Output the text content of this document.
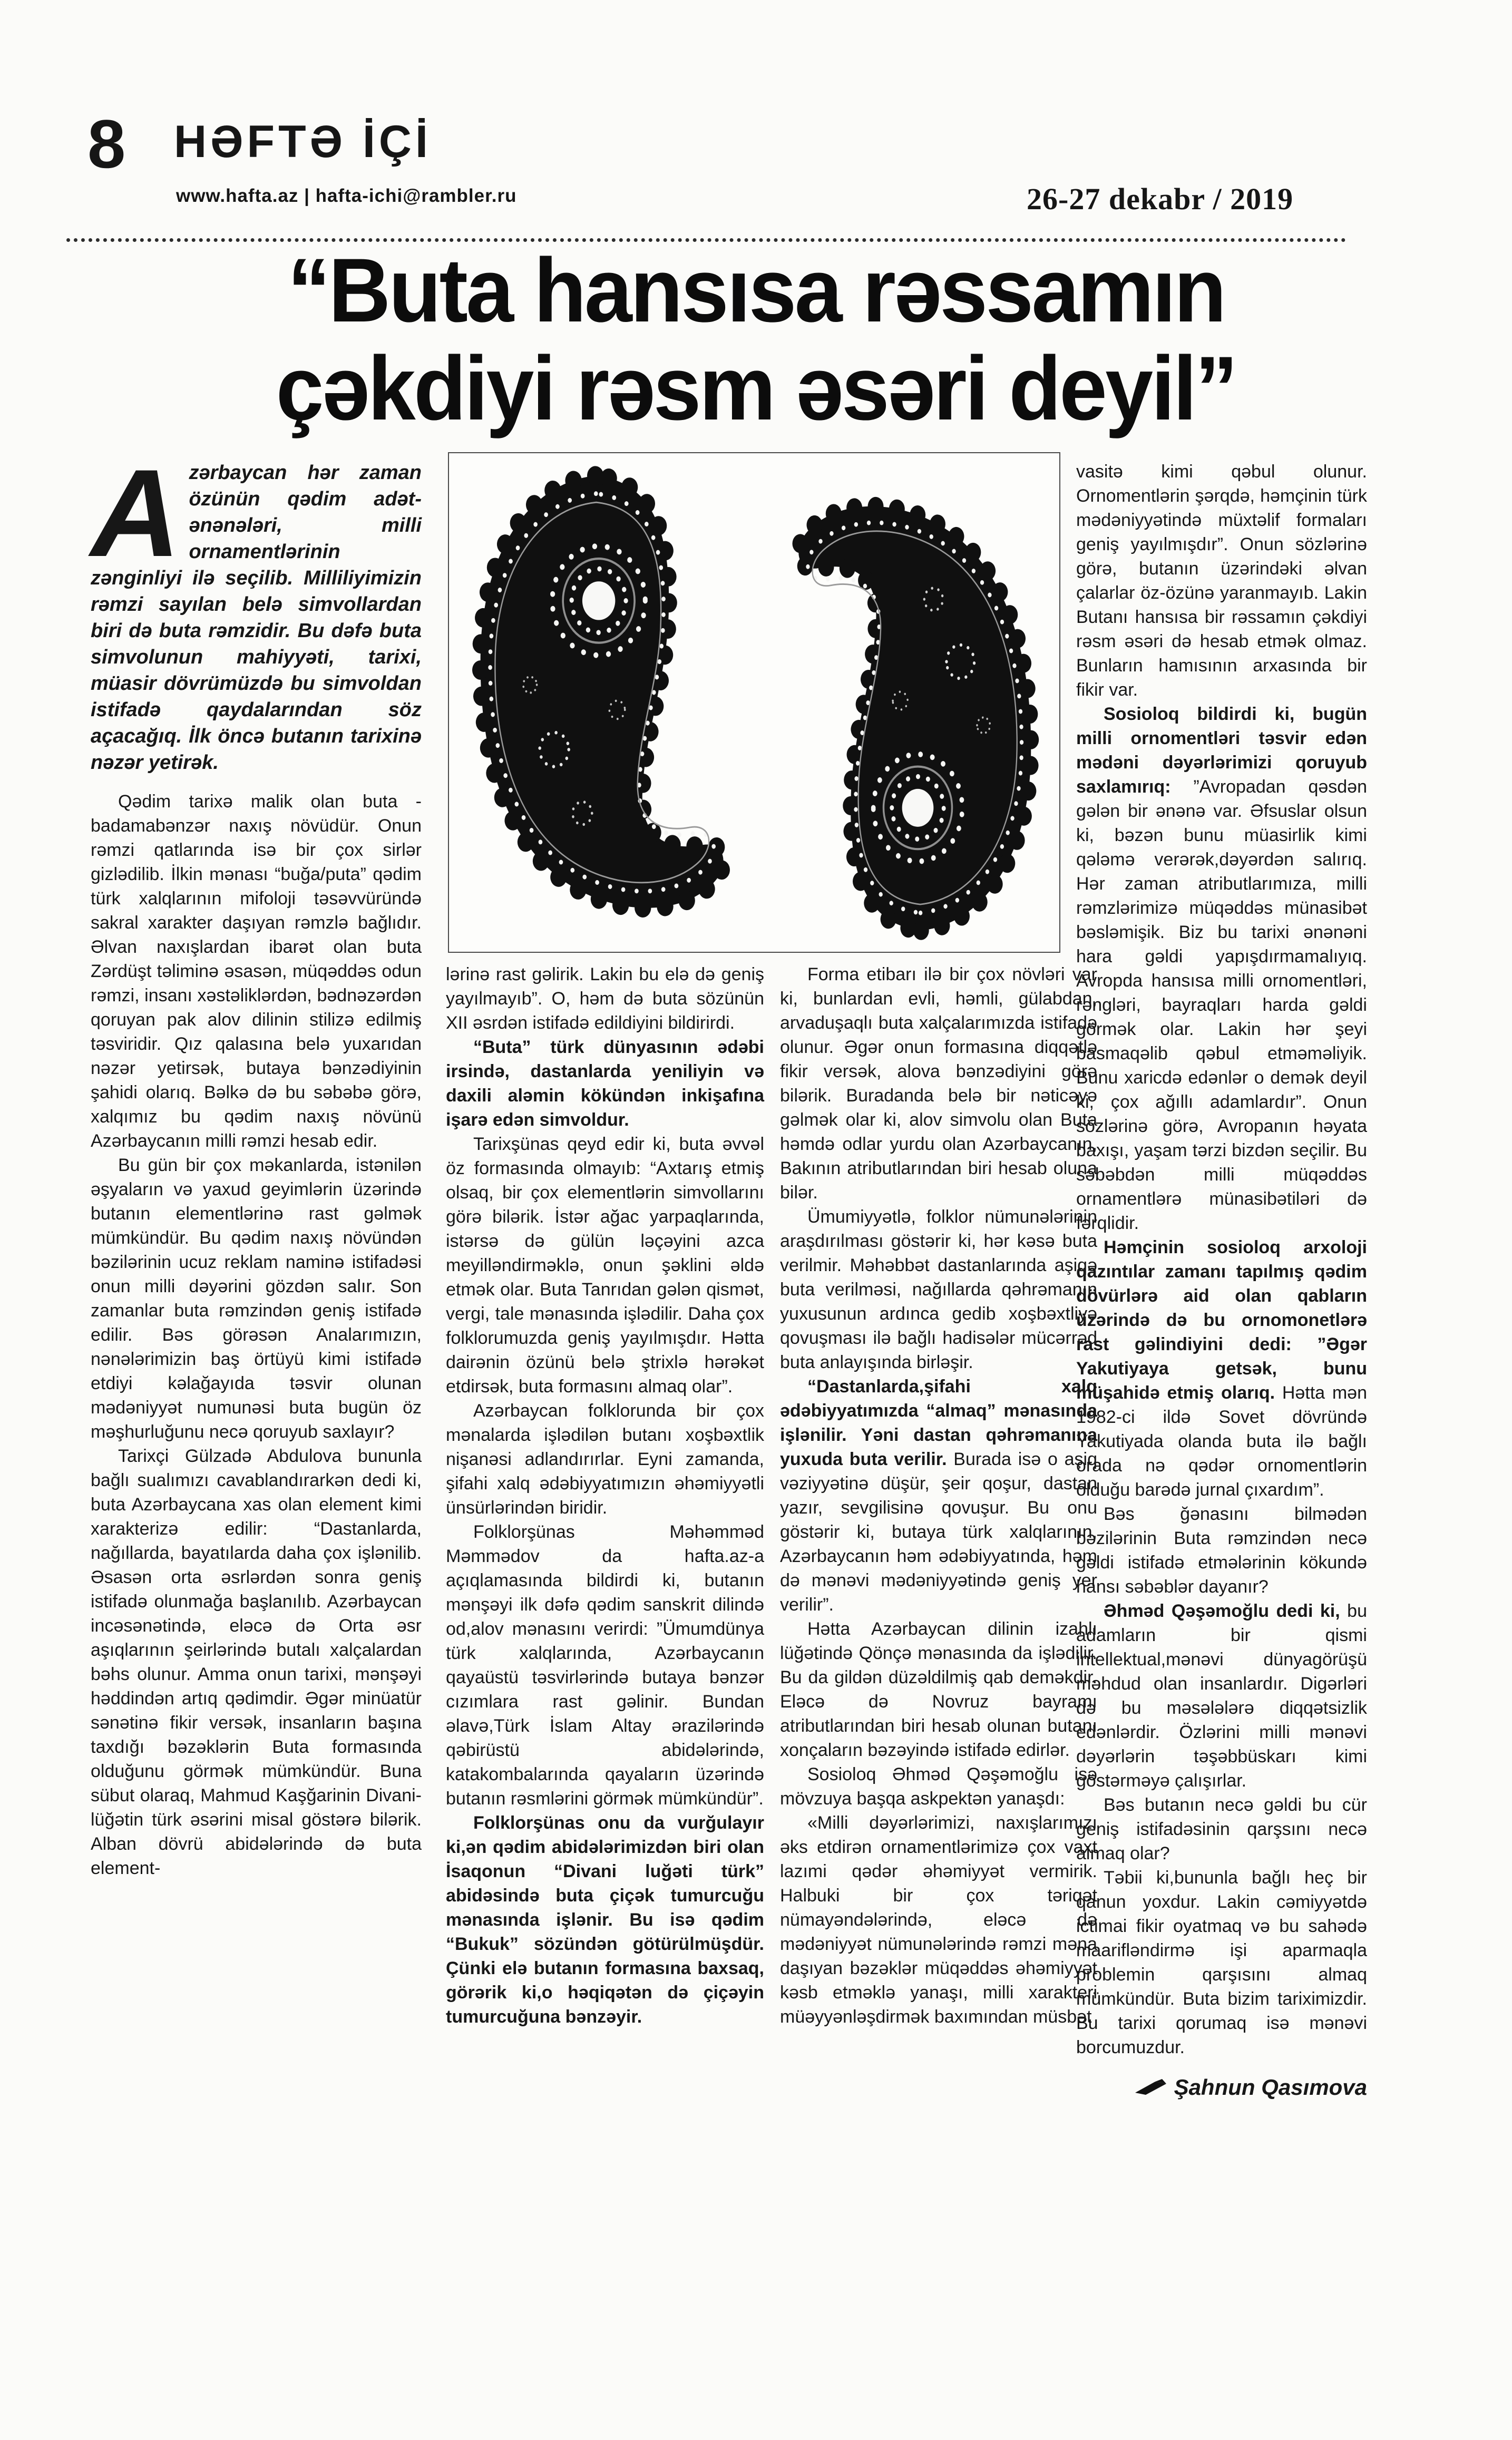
8 HƏFTƏ İÇİ
www.hafta.az | hafta-ichi@rambler.ru	26-27 dekabr / 2019
“Buta hansısa rəssamın
çəkdiyi rəsm əsəri deyil”
Azərbaycan hər zaman özünün qədim adət-ənənələri, milli ornamentlərinin zənginliyi ilə seçilib. Milliliyimizin rəmzi sayılan belə simvollardan biri də buta rəmzidir. Bu dəfə buta simvolunun mahiyyəti, tarixi, müasir dövrümüzdə bu simvoldan istifadə qaydalarından söz açacağıq. İlk öncə butanın tarixinə nəzər yetirək.

Qədim tarixə malik olan buta - badamabənzər naxış növüdür. Onun rəmzi qatlarında isə bir çox sirlər gizlədilib. İlkin mənası “buğa/puta” qədim türk xalqlarının mifoloji təsəvvüründə sakral xarakter daşıyan rəmzlə bağlıdır. Əlvan naxışlardan ibarət olan buta Zərdüşt təliminə əsasən, müqəddəs odun rəmzi, insanı xəstəliklərdən, bədnəzərdən qoruyan pak alov dilinin stilizə edilmiş təsviridir. Qız qalasına belə yuxarıdan nəzər yetirsək, butaya bənzədiyinin şahidi olarıq. Bəlkə də bu səbəbə görə, xalqımız bu qədim naxış növünü Azərbaycanın milli rəmzi hesab edir.

Bu gün bir çox məkanlarda, istənilən əşyaların və yaxud geyimlərin üzərində butanın elementlərinə rast gəlmək mümkündür. Bu qədim naxış növündən bəzilərinin ucuz reklam naminə istifadəsi onun milli dəyərini gözdən salır. Son zamanlar buta rəmzindən geniş istifadə edilir. Bəs görəsən Analarımızın, nənələrimizin baş örtüyü kimi istifadə etdiyi kəlağayıda təsvir olunan mədəniyyət numunəsi buta bugün öz məşhurluğunu necə qoruyub saxlayır?

Tarixçi Gülzadə Abdulova bununla bağlı sualımızı cavablandırarkən dedi ki, buta Azərbaycana xas olan element kimi xarakterizə edilir: “Dastanlarda, nağıllarda, bayatılarda daha çox işlənilib. Əsasən orta əsrlərdən sonra geniş istifadə olunmağa başlanılıb. Azərbaycan incəsənətində, eləcə də Orta əsr aşıqlarının şeirlərində butalı xalçalardan bəhs olunur. Amma onun tarixi, mənşəyi həddindən artıq qədimdir. Əgər minüatür sənətinə fikir versək, insanların başına taxdığı bəzəklərin Buta formasında olduğunu görmək mümkündür. Buna sübut olaraq, Mahmud Kaşğarinin Divani-lüğətin türk əsərini misal göstərə bilərik. Alban dövrü abidələrində də buta element-

lərinə rast gəlirik. Lakin bu elə də geniş yayılmayıb”. O, həm də buta sözünün XII əsrdən istifadə edildiyini bildirirdi.

“Buta” türk dünyasının ədəbi irsində, dastanlarda yeniliyin və daxili aləmin kökündən inkişafına işarə edən simvoldur.

Tarixşünas qeyd edir ki, buta əvvəl öz formasında olmayıb: “Axtarış etmiş olsaq, bir çox elementlərin simvollarını görə bilərik. İstər ağac yarpaqlarında, istərsə də gülün ləçəyini azca meyilləndirməklə, onun şəklini əldə etmək olar. Buta Tanrıdan gələn qismət, vergi, tale mənasında işlədilir. Daha çox folklorumuzda geniş yayılmışdır. Hətta dairənin özünü belə ştrixlə hərəkət etdirsək, buta formasını almaq olar”.

Azərbaycan folklorunda bir çox mənalarda işlədilən butanı xoşbəxtlik nişanəsi adlandırırlar. Eyni zamanda, şifahi xalq ədəbiyyatımızın əhəmiyyətli ünsürlərindən biridir.

Folklorşünas Məhəmməd Məmmədov da hafta.az-a açıqlamasında bildirdi ki, butanın mənşəyi ilk dəfə qədim sanskrit dilində od,alov mənasını verirdi: ”Ümumdünya türk xalqlarında, Azərbaycanın qayaüstü təsvirlərində butaya bənzər cızımlara rast gəlinir. Bundan əlavə,Türk İslam Altay ərazilərində qəbirüstü abidələrində, katakombalarında qayaların üzərində butanın rəsmlərini görmək mümkündür”.

Folklorşünas onu da vurğulayır ki,ən qədim abidələrimizdən biri olan İsaqonun “Divani luğəti türk” abidəsində buta çiçək tumurcuğu mənasında işlənir. Bu isə qədim “Bukuk” sözündən götürülmüşdür. Çünki elə butanın formasına baxsaq, görərik ki,o həqiqətən də çiçəyin tumurcuğuna bənzəyir.

Forma etibarı ilə bir çox növləri var ki, bunlardan evli, həmli, gülabdan, arvaduşaqlı buta xalçalarımızda istifadə olunur. Əgər onun formasına diqqətlə fikir versək, alova bənzədiyini görə bilərik. Buradanda belə bir nəticəyə gəlmək olar ki, alov simvolu olan Buta həmdə odlar yurdu olan Azərbaycanın, Bakının atributlarından biri hesab oluna bilər.

Ümumiyyətlə, folklor nümunələrinin araşdırılması göstərir ki, hər kəsə buta verilmir. Məhəbbət dastanlarında aşiqə buta verilməsi, nağıllarda qəhrəmanın yuxusunun ardınca gedib xoşbəxtliyə qovuşması ilə bağlı hadisələr mücərrəd buta anlayışında birləşir.

“Dastanlarda,şifahi xalq ədəbiyyatımızda “almaq” mənasında işlənilir. Yəni dastan qəhrəmanına yuxuda buta verilir. Burada isə o aşiq vəziyyətinə düşür, şeir qoşur, dastan yazır, sevgilisinə qovuşur. Bu onu göstərir ki, butaya türk xalqlarının, Azərbaycanın həm ədəbiyyatında, həm də mənəvi mədəniyyətində geniş yer verilir”.

Hətta Azərbaycan dilinin izahlı lüğətində Qönçə mənasında da işlədilir. Bu da gildən düzəldilmiş qab deməkdir. Eləcə də Novruz bayramı atributlarından biri hesab olunan butanı xonçaların bəzəyində istifadə edirlər.

Sosioloq Əhməd Qəşəmoğlu isə mövzuya başqa askpektən yanaşdı:

«Milli dəyərlərimizi, naxışlarımızı əks etdirən ornamentlərimizə çox vaxt lazımi qədər əhəmiyyət vermirik. Halbuki bir çox təriqət nümayəndələrində, eləcə də mədəniyyət nümunələrində rəmzi məna daşıyan bəzəklər müqəddəs əhəmiyyət kəsb etməklə yanaşı, milli xarakteri müəyyənləşdirmək baxımından müsbət

vasitə kimi qəbul olunur. Ornomentlərin şərqdə, həmçinin türk mədəniyyətində müxtəlif formaları geniş yayılmışdır”. Onun sözlərinə görə, butanın üzərindəki əlvan çalarlar öz-özünə yaranmayıb. Lakin Butanı hansısa bir rəssamın çəkdiyi rəsm əsəri də hesab etmək olmaz. Bunların hamısının arxasında bir fikir var.

Sosioloq bildirdi ki, bugün milli ornomentləri təsvir edən mədəni dəyərlərimizi qoruyub saxlamırıq: ”Avropadan qəsdən gələn bir ənənə var. Əfsuslar olsun ki, bəzən bunu müasirlik kimi qələmə verərək,dəyərdən salırıq. Hər zaman atributlarımıza, milli rəmzlərimizə müqəddəs münasibət bəsləmişik. Biz bu tarixi ənənəni hara gəldi yapışdırmamalıyıq. Avropda hansısa milli ornomentləri, rəngləri, bayraqları harda gəldi görmək olar. Lakin hər şeyi basmaqəlib qəbul etməməliyik. Bunu xaricdə edənlər o demək deyil ki, çox ağıllı adamlardır”. Onun sözlərinə görə, Avropanın həyata baxışı, yaşam tərzi bizdən seçilir. Bu səbəbdən milli müqəddəs ornamentlərə münasibətiləri də fərqlidir.

Həmçinin sosioloq arxoloji qazıntılar zamanı tapılmış qədim dövürlərə aid olan qabların üzərində də bu ornomonetlərə rast gəlindiyini dedi: ”Əgər Yakutiyaya getsək, bunu müşahidə etmiş olarıq. Hətta mən 1982-ci ildə Sovet dövründə Yakutiyada olanda buta ilə bağlı orada nə qədər ornomentlərin olduğu barədə jurnal çıxardım”.

Bəs ğənasını bilmədən bəzilərinin Buta rəmzindən necə gəldi istifadə etmələrinin kökundə hansı səbəblər dayanır?

Əhməd Qəşəmoğlu dedi ki, bu adamların bir qismi intellektual,mənəvi dünyagörüşü məhdud olan insanlardır. Digərləri də bu məsələlərə diqqətsizlik edənlərdir. Özlərini milli mənəvi dəyərlərin təşəbbüskarı kimi göstərməyə çalışırlar.

Bəs butanın necə gəldi bu cür geniş istifadəsinin qarşsını necə almaq olar?

Təbii ki,bununla bağlı heç bir qanun yoxdur. Lakin cəmiyyətdə ictimai fikir oyatmaq və bu sahədə maarifləndirmə işi aparmaqla problemin qarşısını almaq mümkündür. Buta bizim tariximizdir. Bu tarixi qorumaq isə mənəvi borcumuzdur.

Şahnun Qasımova
